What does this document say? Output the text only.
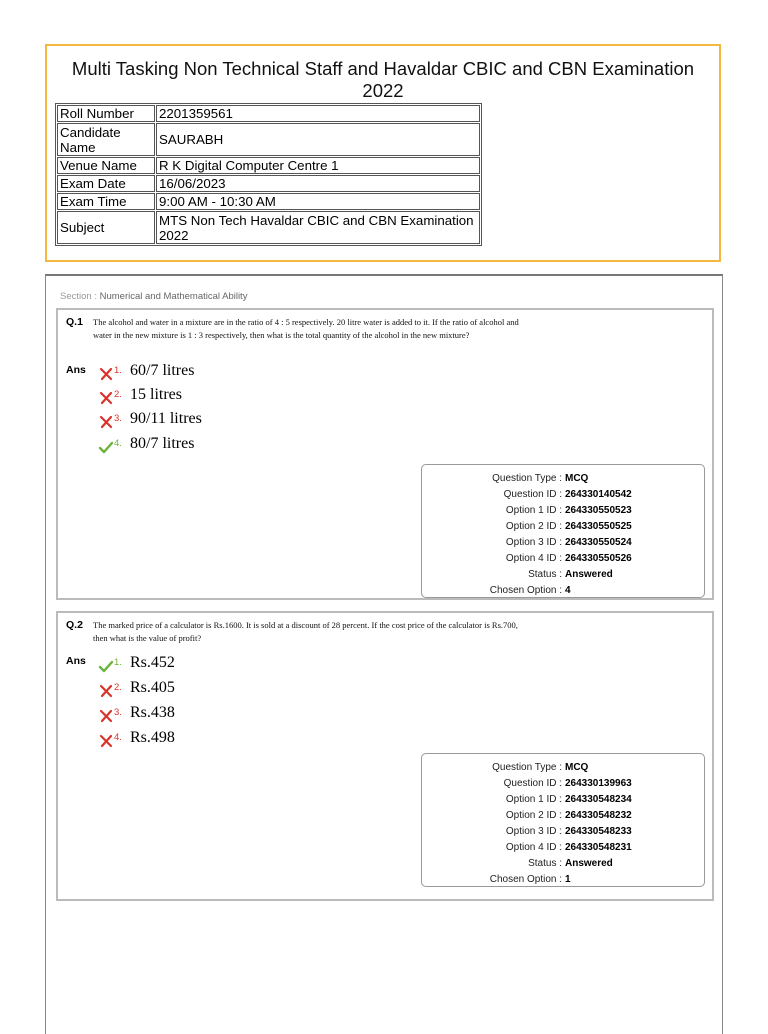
Multi Tasking Non Technical Staff and Havaldar CBIC and CBN Examination 2022
Roll Number	2201359561
Candidate Name	SAURABH
Venue Name	R K Digital Computer Centre 1
Exam Date	16/06/2023
Exam Time	9:00 AM - 10:30 AM
Subject	MTS Non Tech Havaldar CBIC and CBN Examination 2022
Section : Numerical and Mathematical Ability
Q.1 The alcohol and water in a mixture are in the ratio of 4 : 5 respectively. 20 litre water is added to it. If the ratio of alcohol and water in the new mixture is 1 : 3 respectively, then what is the total quantity of the alcohol in the new mixture?
Ans	1. 60/7 litres
2. 15 litres
3. 90/11 litres
4. 80/7 litres
Question Type : MCQ
Question ID : 264330140542
Option 1 ID : 264330550523
Option 2 ID : 264330550525
Option 3 ID : 264330550524
Option 4 ID : 264330550526
Status : Answered
Chosen Option : 4
Q.2 The marked price of a calculator is Rs.1600. It is sold at a discount of 28 percent. If the cost price of the calculator is Rs.700, then what is the value of profit?
Ans	1. Rs.452
2. Rs.405
3. Rs.438
4. Rs.498
Question Type : MCQ
Question ID : 264330139963
Option 1 ID : 264330548234
Option 2 ID : 264330548232
Option 3 ID : 264330548233
Option 4 ID : 264330548231
Status : Answered
Chosen Option : 1
